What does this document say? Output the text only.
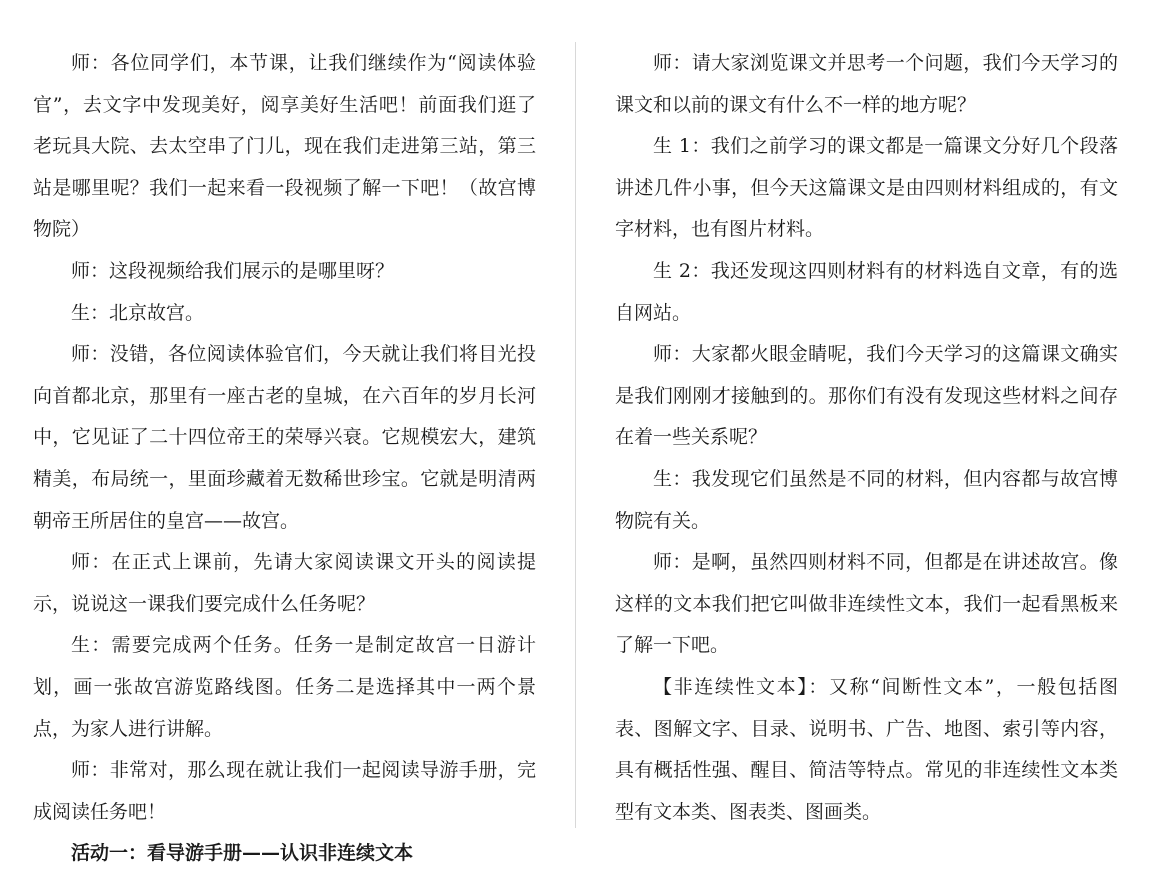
师：各位同学们，本节课，让我们继续作为“阅读体验官”，去文字中发现美好，阅享美好生活吧！前面我们逛了老玩具大院、去太空串了门儿，现在我们走进第三站，第三站是哪里呢？我们一起来看一段视频了解一下吧！（故宫博物院）

师：这段视频给我们展示的是哪里呀？

生：北京故宫。

师：没错，各位阅读体验官们，今天就让我们将目光投向首都北京，那里有一座古老的皇城，在六百年的岁月长河中，它见证了二十四位帝王的荣辱兴衰。它规模宏大，建筑精美，布局统一，里面珍藏着无数稀世珍宝。它就是明清两朝帝王所居住的皇宫——故宫。

师：在正式上课前，先请大家阅读课文开头的阅读提示，说说这一课我们要完成什么任务呢？

生：需要完成两个任务。任务一是制定故宫一日游计划，画一张故宫游览路线图。任务二是选择其中一两个景点，为家人进行讲解。

师：非常对，那么现在就让我们一起阅读导游手册，完成阅读任务吧！

活动一：看导游手册——认识非连续文本

师：请大家浏览课文并思考一个问题，我们今天学习的课文和以前的课文有什么不一样的地方呢？

生 1：我们之前学习的课文都是一篇课文分好几个段落讲述几件小事，但今天这篇课文是由四则材料组成的，有文字材料，也有图片材料。

生 2：我还发现这四则材料有的材料选自文章，有的选自网站。

师：大家都火眼金睛呢，我们今天学习的这篇课文确实是我们刚刚才接触到的。那你们有没有发现这些材料之间存在着一些关系呢？

生：我发现它们虽然是不同的材料，但内容都与故宫博物院有关。

师：是啊，虽然四则材料不同，但都是在讲述故宫。像这样的文本我们把它叫做非连续性文本，我们一起看黑板来了解一下吧。

【非连续性文本】：又称“间断性文本”，一般包括图表、图解文字、目录、说明书、广告、地图、索引等内容，具有概括性强、醒目、简洁等特点。常见的非连续性文本类型有文本类、图表类、图画类。
